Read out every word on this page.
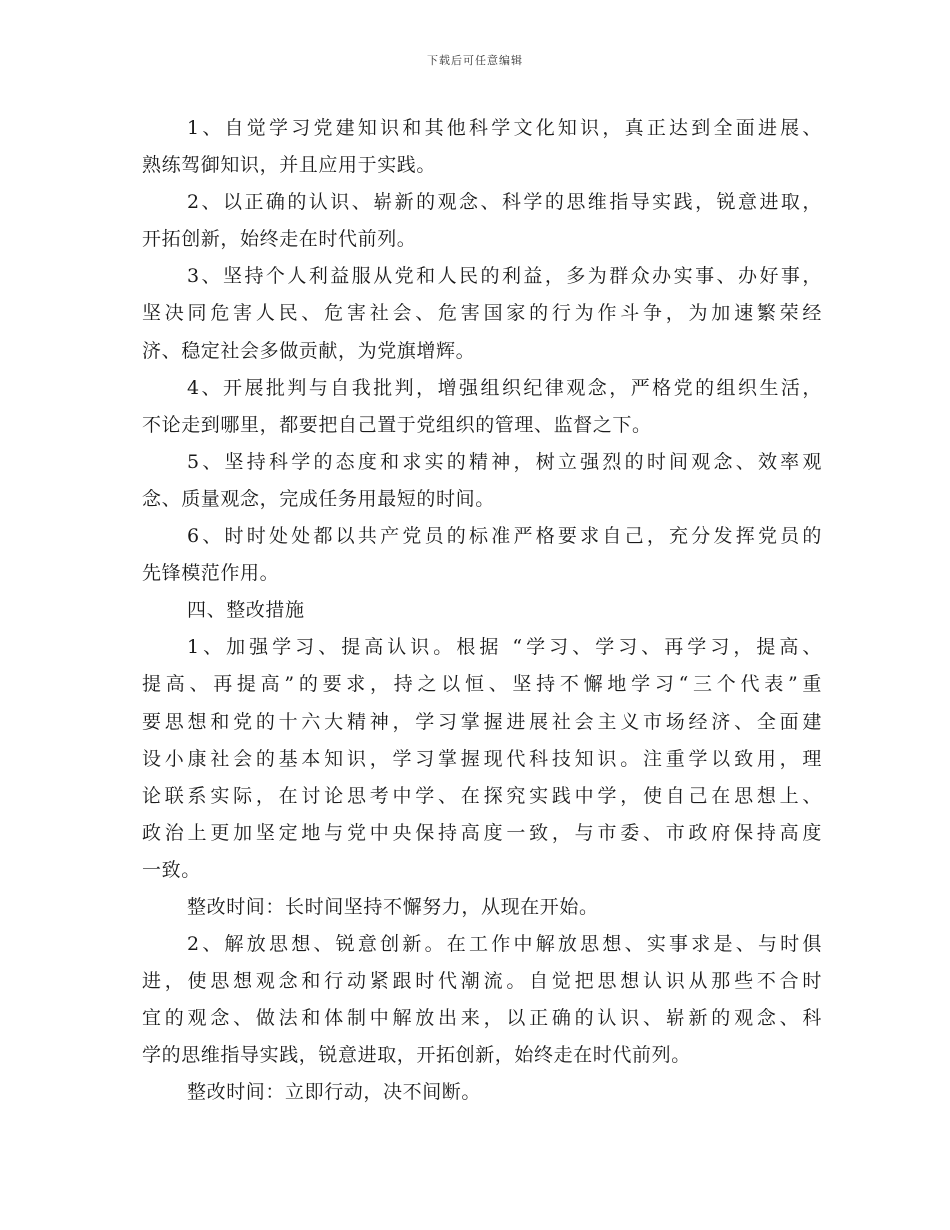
下载后可任意编辑
1、自觉学习党建知识和其他科学文化知识，真正达到全面进展、
熟练驾御知识，并且应用于实践。
2、以正确的认识、崭新的观念、科学的思维指导实践，锐意进取，
开拓创新，始终走在时代前列。
3、坚持个人利益服从党和人民的利益，多为群众办实事、办好事，
坚决同危害人民、危害社会、危害国家的行为作斗争，为加速繁荣经
济、稳定社会多做贡献，为党旗增辉。
4、开展批判与自我批判，增强组织纪律观念，严格党的组织生活，
不论走到哪里，都要把自己置于党组织的管理、监督之下。
5、坚持科学的态度和求实的精神，树立强烈的时间观念、效率观
念、质量观念，完成任务用最短的时间。
6、时时处处都以共产党员的标准严格要求自己，充分发挥党员的
先锋模范作用。
四、整改措施
1、加强学习、提高认识。根据 “学习、学习、再学习，提高、
提高、再提高”的要求，持之以恒、坚持不懈地学习“三个代表”重
要思想和党的十六大精神，学习掌握进展社会主义市场经济、全面建
设小康社会的基本知识，学习掌握现代科技知识。注重学以致用，理
论联系实际，在讨论思考中学、在探究实践中学，使自己在思想上、
政治上更加坚定地与党中央保持高度一致，与市委、市政府保持高度
一致。
整改时间：长时间坚持不懈努力，从现在开始。
2、解放思想、锐意创新。在工作中解放思想、实事求是、与时俱
进，使思想观念和行动紧跟时代潮流。自觉把思想认识从那些不合时
宜的观念、做法和体制中解放出来，以正确的认识、崭新的观念、科
学的思维指导实践，锐意进取，开拓创新，始终走在时代前列。
整改时间：立即行动，决不间断。
